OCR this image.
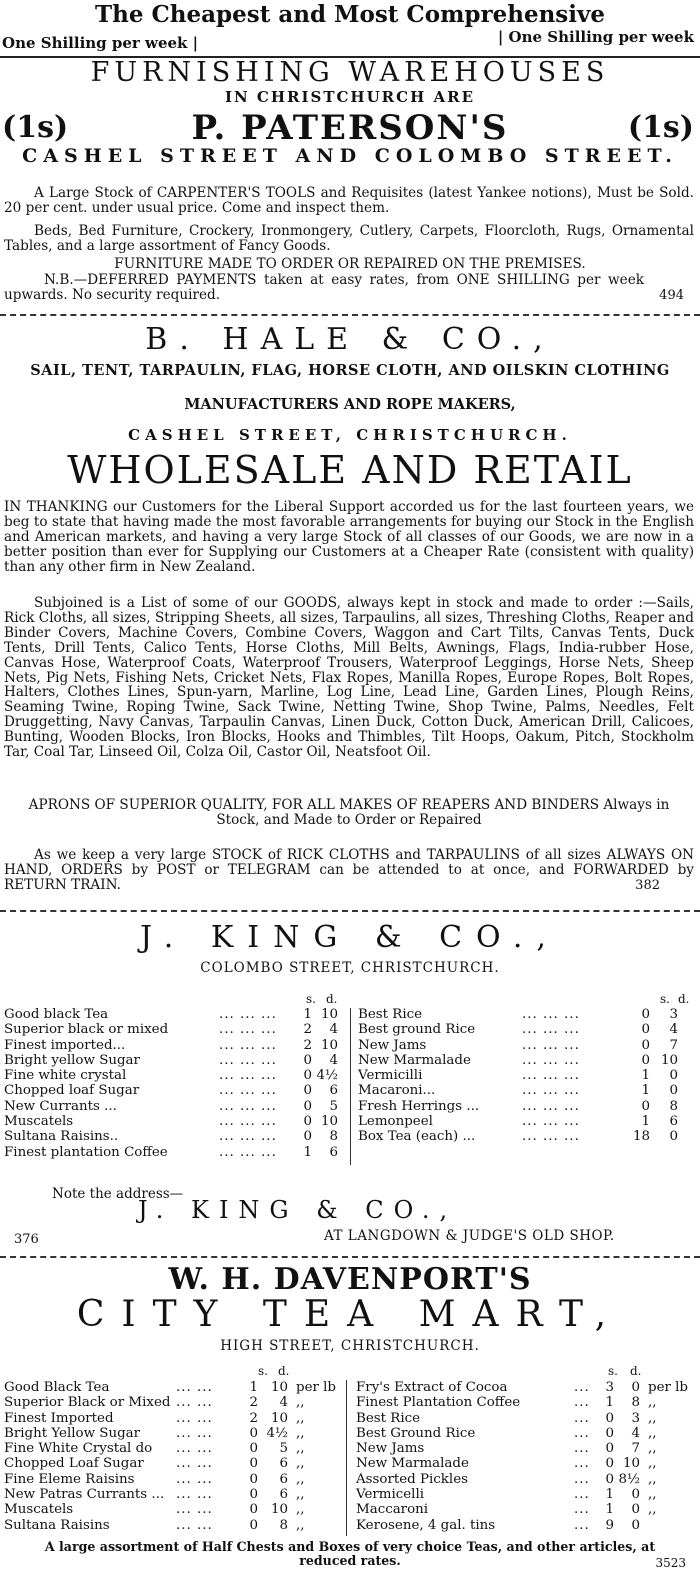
The Cheapest and Most Comprehensive
One Shilling per week |	| One Shilling per week
FURNISHING WAREHOUSES
IN CHRISTCHURCH ARE
(1s)	P. PATERSON'S	(1s)
CASHEL STREET AND COLOMBO STREET.
A Large Stock of CARPENTER'S TOOLS and Requisites (latest Yankee notions), Must be Sold. 20 per cent. under usual price. Come and inspect them.
Beds, Bed Furniture, Crockery, Ironmongery, Cutlery, Carpets, Floorcloth, Rugs, Ornamental Tables, and a large assortment of Fancy Goods.
FURNITURE MADE TO ORDER OR REPAIRED ON THE PREMISES.
N.B.—DEFERRED PAYMENTS taken at easy rates, from ONE SHILLING per week upwards. No security required.	494
B. HALE & CO.,
SAIL, TENT, TARPAULIN, FLAG, HORSE CLOTH, AND OILSKIN CLOTHING
MANUFACTURERS AND ROPE MAKERS,
CASHEL STREET, CHRISTCHURCH.
WHOLESALE AND RETAIL
IN THANKING our Customers for the Liberal Support accorded us for the last fourteen years, we beg to state that having made the most favorable arrangements for buying our Stock in the English and American markets, and having a very large Stock of all classes of our Goods, we are now in a better position than ever for Supplying our Customers at a Cheaper Rate (consistent with quality) than any other firm in New Zealand.
Subjoined is a List of some of our GOODS, always kept in stock and made to order :—Sails, Rick Cloths, all sizes, Stripping Sheets, all sizes, Tarpaulins, all sizes, Threshing Cloths, Reaper and Binder Covers, Machine Covers, Combine Covers, Waggon and Cart Tilts, Canvas Tents, Duck Tents, Drill Tents, Calico Tents, Horse Cloths, Mill Belts, Awnings, Flags, India-rubber Hose, Canvas Hose, Waterproof Coats, Waterproof Trousers, Waterproof Leggings, Horse Nets, Sheep Nets, Pig Nets, Fishing Nets, Cricket Nets, Flax Ropes, Manilla Ropes, Europe Ropes, Bolt Ropes, Halters, Clothes Lines, Spun-yarn, Marline, Log Line, Lead Line, Garden Lines, Plough Reins, Seaming Twine, Roping Twine, Sack Twine, Netting Twine, Shop Twine, Palms, Needles, Felt Druggetting, Navy Canvas, Tarpaulin Canvas, Linen Duck, Cotton Duck, American Drill, Calicoes, Bunting, Wooden Blocks, Iron Blocks, Hooks and Thimbles, Tilt Hoops, Oakum, Pitch, Stockholm Tar, Coal Tar, Linseed Oil, Colza Oil, Castor Oil, Neatsfoot Oil.
APRONS OF SUPERIOR QUALITY, FOR ALL MAKES OF REAPERS AND BINDERS Always in Stock, and Made to Order or Repaired
As we keep a very large STOCK of RICK CLOTHS and TARPAULINS of all sizes ALWAYS ON HAND, ORDERS by POST or TELEGRAM can be attended to at once, and FORWARDED by RETURN TRAIN.	382
J. KING & CO.,
COLOMBO STREET, CHRISTCHURCH.
s. d.	s. d.
Good black Tea	... ... ...	1 10
Superior black or mixed	... ... ...	2	4
Finest imported...	... ... ...	2 10
Bright yellow Sugar	... ... ...	0	4
Fine white crystal	... ... ...	0 4½
Chopped loaf Sugar	... ... ...	0	6
New Currants ...	... ... ...	0	5
Muscatels	... ... ...	0 10
Sultana Raisins..	... ... ...	0	8
Finest plantation Coffee	... ... ...	1	6
Best Rice	... ... ...	0	3
Best ground Rice	... ... ...	0	4
New Jams	... ... ...	0	7
New Marmalade	... ... ...	0 10
Vermicilli	... ... ...	1	0
Macaroni...	... ... ...	1	0
Fresh Herrings ...	... ... ...	0	8
Lemonpeel	... ... ...	1	6
Box Tea (each) ...	... ... ...	18	0
Note the address—
J. KING & CO.,
376	AT LANGDOWN & JUDGE'S OLD SHOP.
W. H. DAVENPORT'S
CITY TEA MART,
HIGH STREET, CHRISTCHURCH.
s. d.	s. d.
Good Black Tea	... ...	1 10 per lb
Superior Black or Mixed ... ...	2	4 ,,
Finest Imported	... ...	2 10 ,,
Bright Yellow Sugar	... ...	0 4½ ,,
Fine White Crystal do ... ...	0	5 ,,
Chopped Loaf Sugar ... ...	0	6 ,,
Fine Eleme Raisins	... ...	0	6 ,,
New Patras Currants ... ... ...	0	6 ,,
Muscatels	... ...	0 10 ,,
Sultana Raisins	... ...	0	8 ,,
Fry's Extract of Cocoa	...	3	0 per lb
Finest Plantation Coffee	...	1	8 ,,
Best Rice	...	0	3 ,,
Best Ground Rice	...	0	4 ,,
New Jams	...	0	7 ,,
New Marmalade	...	0 10 ,,
Assorted Pickles	...	0 8½ ,,
Vermicelli	...	1	0 ,,
Maccaroni	...	1	0 ,,
Kerosene, 4 gal. tins	...	9	0
A large assortment of Half Chests and Boxes of very choice Teas, and other articles, at reduced rates.	3523
